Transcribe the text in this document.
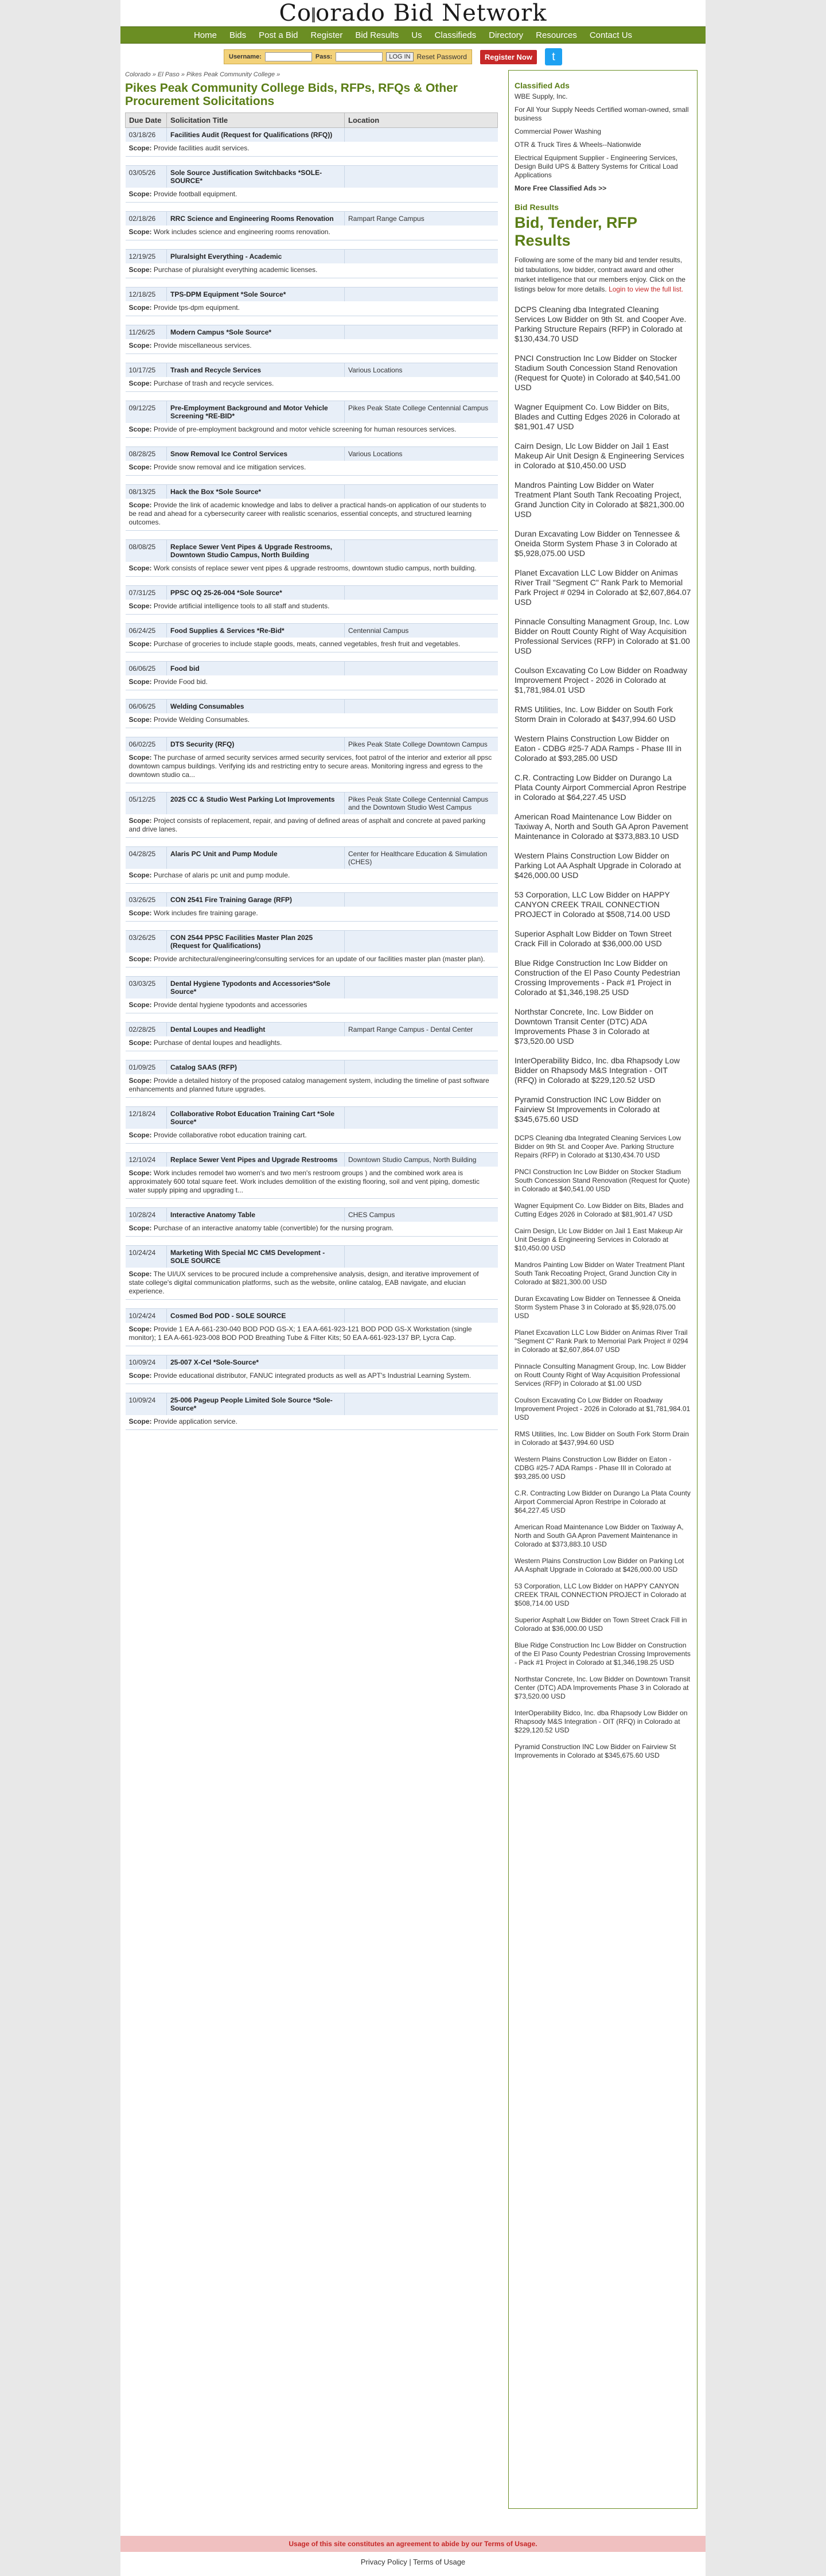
Co orado Bid Network
Home	Bids	Post a Bid	Register	Bid Results	Us	Classifieds	Directory	Resources	Contact Us
Username:	Pass:	LOG IN Reset Password	Register Now	t
Colorado » El Paso » Pikes Peak Community College »
Pikes Peak Community College Bids, RFPs, RFQs & Other Procurement Solicitations
Due Date	Solicitation Title	Location
03/18/26	Facilities Audit (Request for Qualifications (RFQ))	
Scope: Provide facilities audit services.		

03/05/26	Sole Source Justification Switchbacks *SOLE-SOURCE*	
Scope: Provide football equipment.		

02/18/26	RRC Science and Engineering Rooms Renovation	Rampart Range Campus
Scope: Work includes science and engineering rooms renovation.		

12/19/25	Pluralsight Everything - Academic	
Scope: Purchase of pluralsight everything academic licenses.		

12/18/25	TPS-DPM Equipment *Sole Source*	
Scope: Provide tps-dpm equipment.		

11/26/25	Modern Campus *Sole Source*	
Scope: Provide miscellaneous services.		

10/17/25	Trash and Recycle Services	Various Locations
Scope: Purchase of trash and recycle services.		

09/12/25	Pre-Employment Background and Motor Vehicle Screening *RE-BID*	Pikes Peak State College Centennial Campus
Scope: Provide of pre-employment background and motor vehicle screening for human resources services.		

08/28/25	Snow Removal Ice Control Services	Various Locations
Scope: Provide snow removal and ice mitigation services.		

08/13/25	Hack the Box *Sole Source*	
Scope: Provide the link of academic knowledge and labs to deliver a practical hands-on application of our students to be read and ahead for a cybersecurity career with realistic scenarios, essential concepts, and structured learning outcomes.		

08/08/25	Replace Sewer Vent Pipes & Upgrade Restrooms, Downtown Studio Campus, North Building	
Scope: Work consists of replace sewer vent pipes & upgrade restrooms, downtown studio campus, north building.		

07/31/25	PPSC OQ 25-26-004 *Sole Source*	
Scope: Provide artificial intelligence tools to all staff and students.		

06/24/25	Food Supplies & Services *Re-Bid*	Centennial Campus
Scope: Purchase of groceries to include staple goods, meats, canned vegetables, fresh fruit and vegetables.		

06/06/25	Food bid	
Scope: Provide Food bid.		

06/06/25	Welding Consumables	
Scope: Provide Welding Consumables.		

06/02/25	DTS Security (RFQ)	Pikes Peak State College Downtown Campus
Scope: The purchase of armed security services armed security services, foot patrol of the interior and exterior all ppsc downtown campus buildings. Verifying ids and restricting entry to secure areas. Monitoring ingress and egress to the downtown studio ca...		

05/12/25	2025 CC & Studio West Parking Lot Improvements	Pikes Peak State College Centennial Campus and the Downtown Studio West Campus
Scope: Project consists of replacement, repair, and paving of defined areas of asphalt and concrete at paved parking and drive lanes.		

04/28/25	Alaris PC Unit and Pump Module	Center for Healthcare Education & Simulation (CHES)
Scope: Purchase of alaris pc unit and pump module.		

03/26/25	CON 2541 Fire Training Garage (RFP)	
Scope: Work includes fire training garage.		

03/26/25	CON 2544 PPSC Facilities Master Plan 2025 (Request for Qualifications)	
Scope: Provide architectural/engineering/consulting services for an update of our facilities master plan (master plan).		

03/03/25	Dental Hygiene Typodonts and Accessories*Sole Source*	
Scope: Provide dental hygiene typodonts and accessories		

02/28/25	Dental Loupes and Headlight	Rampart Range Campus - Dental Center
Scope: Purchase of dental loupes and headlights.		

01/09/25	Catalog SAAS (RFP)	
Scope: Provide a detailed history of the proposed catalog management system, including the timeline of past software enhancements and planned future upgrades.		

12/18/24	Collaborative Robot Education Training Cart *Sole Source*	
Scope: Provide collaborative robot education training cart.		

12/10/24	Replace Sewer Vent Pipes and Upgrade Restrooms	Downtown Studio Campus, North Building
Scope: Work includes remodel two women's and two men's restroom groups ) and the combined work area is approximately 600 total square feet. Work includes demolition of the existing flooring, soil and vent piping, domestic water supply piping and upgrading t...		

10/28/24	Interactive Anatomy Table	CHES Campus
Scope: Purchase of an interactive anatomy table (convertible) for the nursing program.		

10/24/24	Marketing With Special MC CMS Development - SOLE SOURCE	
Scope: The UI/UX services to be procured include a comprehensive analysis, design, and iterative improvement of state college's digital communication platforms, such as the website, online catalog, EAB navigate, and elucian experience.		

10/24/24	Cosmed Bod POD - SOLE SOURCE	
Scope: Provide 1 EA A-661-230-040 BOD POD GS-X; 1 EA A-661-923-121 BOD POD GS-X Workstation (single monitor); 1 EA A-661-923-008 BOD POD Breathing Tube & Filter Kits; 50 EA A-661-923-137 BP, Lycra Cap.		

10/09/24	25-007 X-Cel *Sole-Source*	
Scope: Provide educational distributor, FANUC integrated products as well as APT's Industrial Learning System.		

10/09/24	25-006 Pageup People Limited Sole Source *Sole-Source*	
Scope: Provide application service.		

Classified Ads
WBE Supply, Inc.
For All Your Supply Needs Certified woman-owned, small business
Commercial Power Washing
OTR & Truck Tires & Wheels--Nationwide
Electrical Equipment Supplier - Engineering Services, Design Build UPS & Battery Systems for Critical Load Applications
More Free Classified Ads >>
Bid Results
Bid, Tender, RFP Results

Following are some of the many bid and tender results, bid tabulations, low bidder, contract award and other market intelligence that our members enjoy. Click on the listings below for more details. Login to view the full list.

DCPS Cleaning dba Integrated Cleaning Services Low Bidder on 9th St. and Cooper Ave. Parking Structure Repairs (RFP) in Colorado at $130,434.70 USD
PNCI Construction Inc Low Bidder on Stocker Stadium South Concession Stand Renovation (Request for Quote) in Colorado at $40,541.00 USD
Wagner Equipment Co. Low Bidder on Bits, Blades and Cutting Edges 2026 in Colorado at $81,901.47 USD
Cairn Design, Llc Low Bidder on Jail 1 East Makeup Air Unit Design & Engineering Services in Colorado at $10,450.00 USD
Mandros Painting Low Bidder on Water Treatment Plant South Tank Recoating Project, Grand Junction City in Colorado at $821,300.00 USD
Duran Excavating Low Bidder on Tennessee & Oneida Storm System Phase 3 in Colorado at $5,928,075.00 USD
Planet Excavation LLC Low Bidder on Animas River Trail "Segment C" Rank Park to Memorial Park Project # 0294 in Colorado at $2,607,864.07 USD
Pinnacle Consulting Managment Group, Inc. Low Bidder on Routt County Right of Way Acquisition Professional Services (RFP) in Colorado at $1.00 USD
Coulson Excavating Co Low Bidder on Roadway Improvement Project - 2026 in Colorado at $1,781,984.01 USD
RMS Utilities, Inc. Low Bidder on South Fork Storm Drain in Colorado at $437,994.60 USD
Western Plains Construction Low Bidder on Eaton - CDBG #25-7 ADA Ramps - Phase III in Colorado at $93,285.00 USD
C.R. Contracting Low Bidder on Durango La Plata County Airport Commercial Apron Restripe in Colorado at $64,227.45 USD
American Road Maintenance Low Bidder on Taxiway A, North and South GA Apron Pavement Maintenance in Colorado at $373,883.10 USD
Western Plains Construction Low Bidder on Parking Lot AA Asphalt Upgrade in Colorado at $426,000.00 USD
53 Corporation, LLC Low Bidder on HAPPY CANYON CREEK TRAIL CONNECTION PROJECT in Colorado at $508,714.00 USD
Superior Asphalt Low Bidder on Town Street Crack Fill in Colorado at $36,000.00 USD
Blue Ridge Construction Inc Low Bidder on Construction of the El Paso County Pedestrian Crossing Improvements - Pack #1 Project in Colorado at $1,346,198.25 USD
Northstar Concrete, Inc. Low Bidder on Downtown Transit Center (DTC) ADA Improvements Phase 3 in Colorado at $73,520.00 USD
InterOperability Bidco, Inc. dba Rhapsody Low Bidder on Rhapsody M&S Integration - OIT (RFQ) in Colorado at $229,120.52 USD
Pyramid Construction INC Low Bidder on Fairview St Improvements in Colorado at $345,675.60 USD
DCPS Cleaning dba Integrated Cleaning Services Low Bidder on 9th St. and Cooper Ave. Parking Structure Repairs (RFP) in Colorado at $130,434.70 USD
PNCI Construction Inc Low Bidder on Stocker Stadium South Concession Stand Renovation (Request for Quote) in Colorado at $40,541.00 USD
Wagner Equipment Co. Low Bidder on Bits, Blades and Cutting Edges 2026 in Colorado at $81,901.47 USD
Cairn Design, Llc Low Bidder on Jail 1 East Makeup Air Unit Design & Engineering Services in Colorado at $10,450.00 USD
Mandros Painting Low Bidder on Water Treatment Plant South Tank Recoating Project, Grand Junction City in Colorado at $821,300.00 USD
Duran Excavating Low Bidder on Tennessee & Oneida Storm System Phase 3 in Colorado at $5,928,075.00 USD
Planet Excavation LLC Low Bidder on Animas River Trail "Segment C" Rank Park to Memorial Park Project # 0294 in Colorado at $2,607,864.07 USD
Pinnacle Consulting Managment Group, Inc. Low Bidder on Routt County Right of Way Acquisition Professional Services (RFP) in Colorado at $1.00 USD
Coulson Excavating Co Low Bidder on Roadway Improvement Project - 2026 in Colorado at $1,781,984.01 USD
RMS Utilities, Inc. Low Bidder on South Fork Storm Drain in Colorado at $437,994.60 USD
Western Plains Construction Low Bidder on Eaton - CDBG #25-7 ADA Ramps - Phase III in Colorado at $93,285.00 USD
C.R. Contracting Low Bidder on Durango La Plata County Airport Commercial Apron Restripe in Colorado at $64,227.45 USD
American Road Maintenance Low Bidder on Taxiway A, North and South GA Apron Pavement Maintenance in Colorado at $373,883.10 USD
Western Plains Construction Low Bidder on Parking Lot AA Asphalt Upgrade in Colorado at $426,000.00 USD
53 Corporation, LLC Low Bidder on HAPPY CANYON CREEK TRAIL CONNECTION PROJECT in Colorado at $508,714.00 USD
Superior Asphalt Low Bidder on Town Street Crack Fill in Colorado at $36,000.00 USD
Blue Ridge Construction Inc Low Bidder on Construction of the El Paso County Pedestrian Crossing Improvements - Pack #1 Project in Colorado at $1,346,198.25 USD
Northstar Concrete, Inc. Low Bidder on Downtown Transit Center (DTC) ADA Improvements Phase 3 in Colorado at $73,520.00 USD
InterOperability Bidco, Inc. dba Rhapsody Low Bidder on Rhapsody M&S Integration - OIT (RFQ) in Colorado at $229,120.52 USD
Pyramid Construction INC Low Bidder on Fairview St Improvements in Colorado at $345,675.60 USD
Usage of this site constitutes an agreement to abide by our Terms of Usage.
Privacy Policy | Terms of Usage
